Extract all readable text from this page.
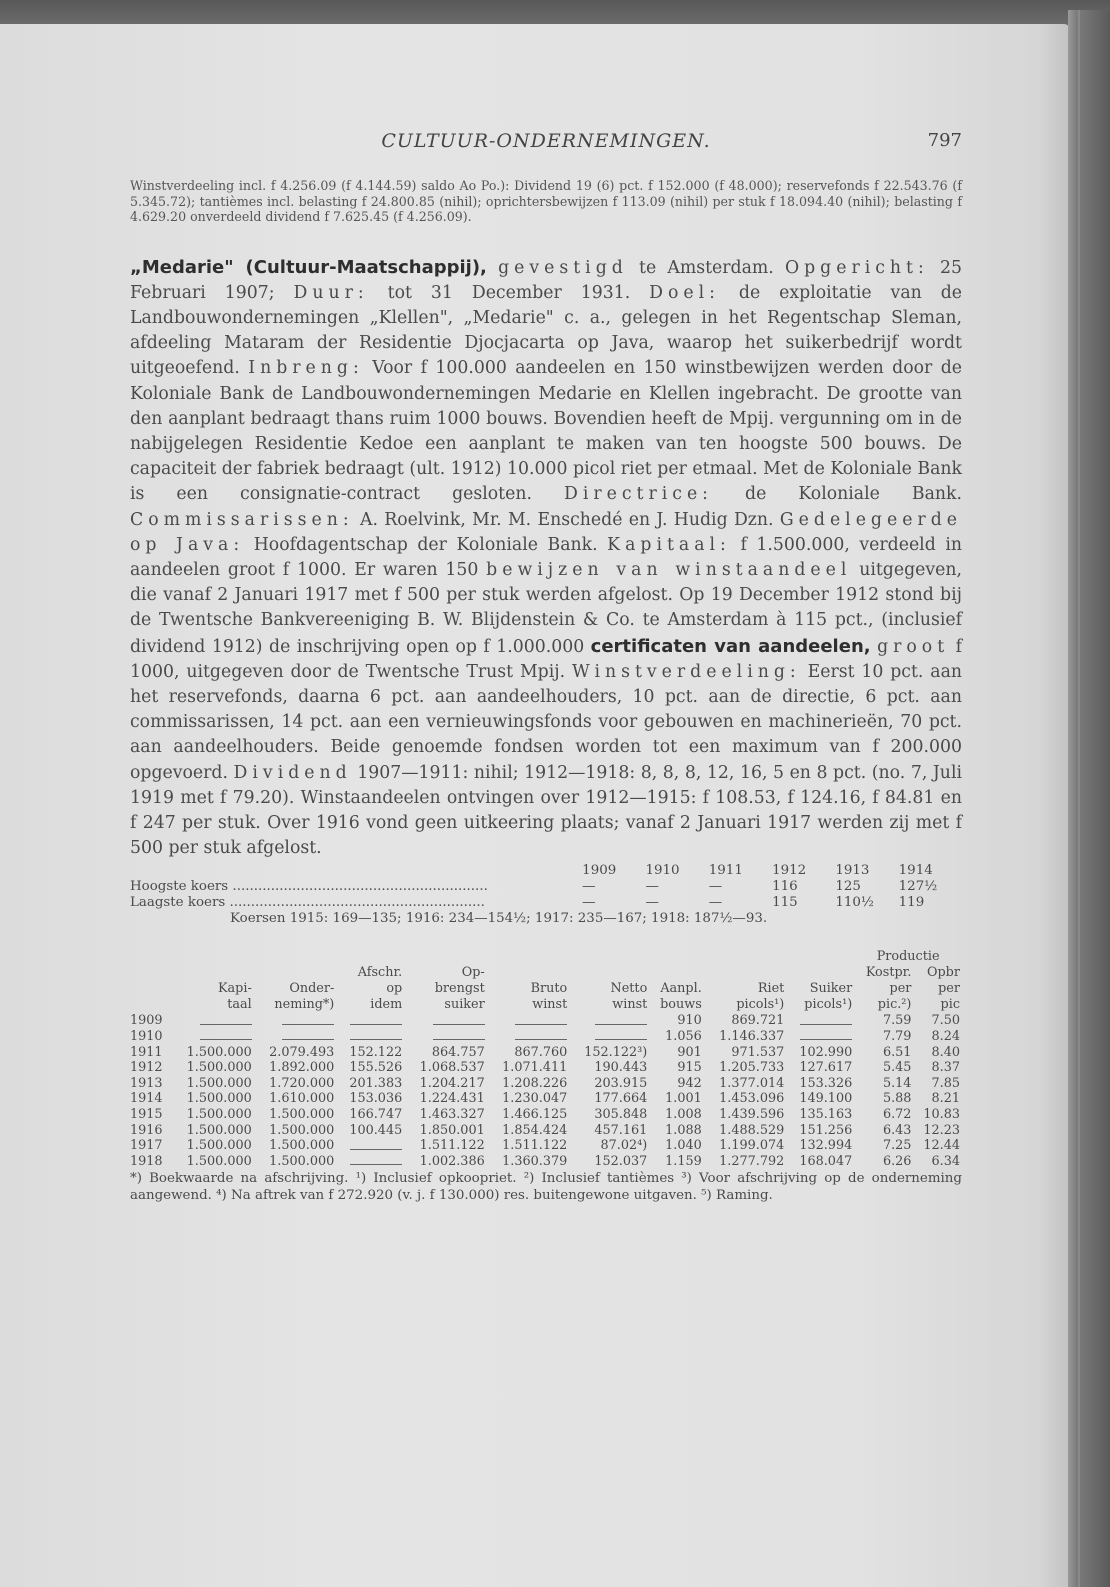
CULTUUR-ONDERNEMINGEN.	797

Winstverdeeling incl. f 4.256.09 (f 4.144.59) saldo Ao Po.): Dividend 19 (6) pct. f 152.000 (f 48.000); reservefonds f 22.543.76 (f 5.345.72); tantièmes incl. belasting f 24.800.85 (nihil); oprichtersbewijzen f 113.09 (nihil) per stuk f 18.094.40 (nihil); belasting f 4.629.20 onverdeeld dividend f 7.625.45 (f 4.256.09).

„Medarie" (Cultuur-Maatschappij), gevestigd te Amsterdam. Opgericht: 25 Februari 1907; Duur: tot 31 December 1931. Doel: de exploitatie van de Landbouwondernemingen „Klellen", „Medarie" c. a., gelegen in het Regentschap Sleman, afdeeling Mataram der Residentie Djocjacarta op Java, waarop het suikerbedrijf wordt uitgeoefend. Inbreng: Voor f 100.000 aandeelen en 150 winstbewijzen werden door de Koloniale Bank de Landbouwondernemingen Medarie en Klellen ingebracht. De grootte van den aanplant bedraagt thans ruim 1000 bouws. Bovendien heeft de Mpij. vergunning om in de nabijgelegen Residentie Kedoe een aanplant te maken van ten hoogste 500 bouws. De capaciteit der fabriek bedraagt (ult. 1912) 10.000 picol riet per etmaal. Met de Koloniale Bank is een consignatie-contract gesloten. Directrice: de Koloniale Bank. Commissarissen: A. Roelvink, Mr. M. Enschedé en J. Hudig Dzn. Gedelegeerde op Java: Hoofdagentschap der Koloniale Bank. Kapitaal: f 1.500.000, verdeeld in aandeelen groot f 1000. Er waren 150 bewijzen van winstaandeel uitgegeven, die vanaf 2 Januari 1917 met f 500 per stuk werden afgelost. Op 19 December 1912 stond bij de Twentsche Bankvereeniging B. W. Blijdenstein & Co. te Amsterdam à 115 pct., (inclusief dividend 1912) de inschrijving open op f 1.000.000 certificaten van aandeelen, groot f 1000, uitgegeven door de Twentsche Trust Mpij. Winstverdeeling: Eerst 10 pct. aan het reservefonds, daarna 6 pct. aan aandeelhouders, 10 pct. aan de directie, 6 pct. aan commissarissen, 14 pct. aan een vernieuwingsfonds voor gebouwen en machinerieën, 70 pct. aan aandeelhouders. Beide genoemde fondsen worden tot een maximum van f 200.000 opgevoerd. Dividend 1907—1911: nihil; 1912—1918: 8, 8, 8, 12, 16, 5 en 8 pct. (no. 7, Juli 1919 met f 79.20). Winstaandeelen ontvingen over 1912—1915: f 108.53, f 124.16, f 84.81 en f 247 per stuk. Over 1916 vond geen uitkeering plaats; vanaf 2 Januari 1917 werden zij met f 500 per stuk afgelost.

	1909	1910	1911	1912	1913	1914
Hoogste koers ............................................................	—	—	—	116	125	127½
Laagste koers ............................................................	—	—	—	115	110½	119
Koersen 1915: 169—135; 1916: 234—154½; 1917: 235—167; 1918: 187½—93.
										Productie	
			Afschr.	Op-						Kostpr.	Opbr
	Kapi-	Onder-	op	brengst	Bruto	Netto	Aanpl.	Riet	Suiker	per	per
	taal	neming*)	idem	suiker	winst	winst	bouws	picols¹)	picols¹)	pic.²)	pic
1909							910	869.721		7.59	7.50
1910							1.056	1.146.337		7.79	8.24
1911	1.500.000	2.079.493	152.122	864.757	867.760	152.122³)	901	971.537	102.990	6.51	8.40
1912	1.500.000	1.892.000	155.526	1.068.537	1.071.411	190.443	915	1.205.733	127.617	5.45	8.37
1913	1.500.000	1.720.000	201.383	1.204.217	1.208.226	203.915	942	1.377.014	153.326	5.14	7.85
1914	1.500.000	1.610.000	153.036	1.224.431	1.230.047	177.664	1.001	1.453.096	149.100	5.88	8.21
1915	1.500.000	1.500.000	166.747	1.463.327	1.466.125	305.848	1.008	1.439.596	135.163	6.72	10.83
1916	1.500.000	1.500.000	100.445	1.850.001	1.854.424	457.161	1.088	1.488.529	151.256	6.43	12.23
1917	1.500.000	1.500.000		1.511.122	1.511.122	87.02⁴)	1.040	1.199.074	132.994	7.25	12.44
1918	1.500.000	1.500.000		1.002.386	1.360.379	152.037	1.159	1.277.792	168.047	6.26	6.34

*) Boekwaarde na afschrijving. ¹) Inclusief opkoopriet. ²) Inclusief tantièmes ³) Voor afschrijving op de onderneming aangewend. ⁴) Na aftrek van f 272.920 (v. j. f 130.000) res. buitengewone uitgaven. ⁵) Raming.
